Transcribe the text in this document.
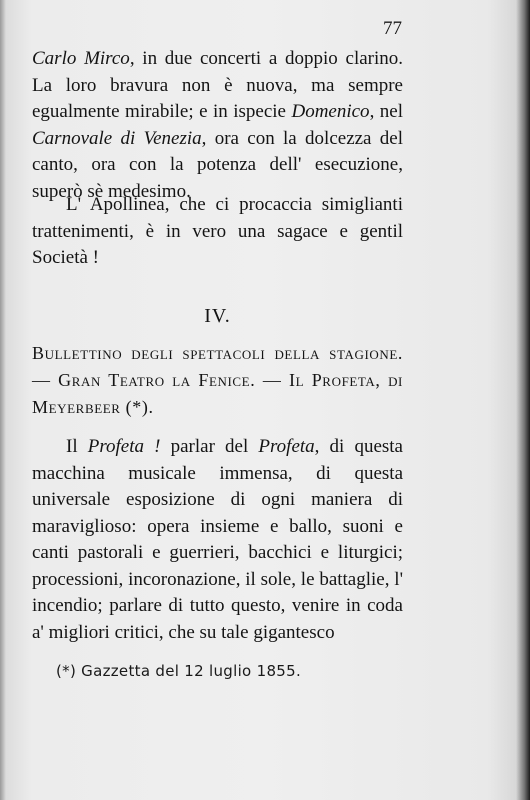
77

Carlo Mirco, in due concerti a doppio clarino. La loro bravura non è nuova, ma sempre egualmente mirabile; e in ispecie Domenico, nel Carnovale di Venezia, ora con la dolcezza del canto, ora con la potenza dell' esecuzione, superò sè medesimo.

L' Apollinea, che ci procaccia simiglianti trattenimenti, è in vero una sagace e gentil Società !

IV.
Bullettino degli spettacoli della stagione. — Gran Teatro la Fenice. — Il Profeta, di Meyerbeer (*).

Il Profeta ! parlar del Profeta, di questa macchina musicale immensa, di questa universale esposizione di ogni maniera di maraviglioso: opera insieme e ballo, suoni e canti pastorali e guerrieri, bacchici e liturgici; processioni, incoronazione, il sole, le battaglie, l' incendio; parlare di tutto questo, venire in coda a' migliori critici, che su tale gigantesco

(*) Gazzetta del 12 luglio 1855.
